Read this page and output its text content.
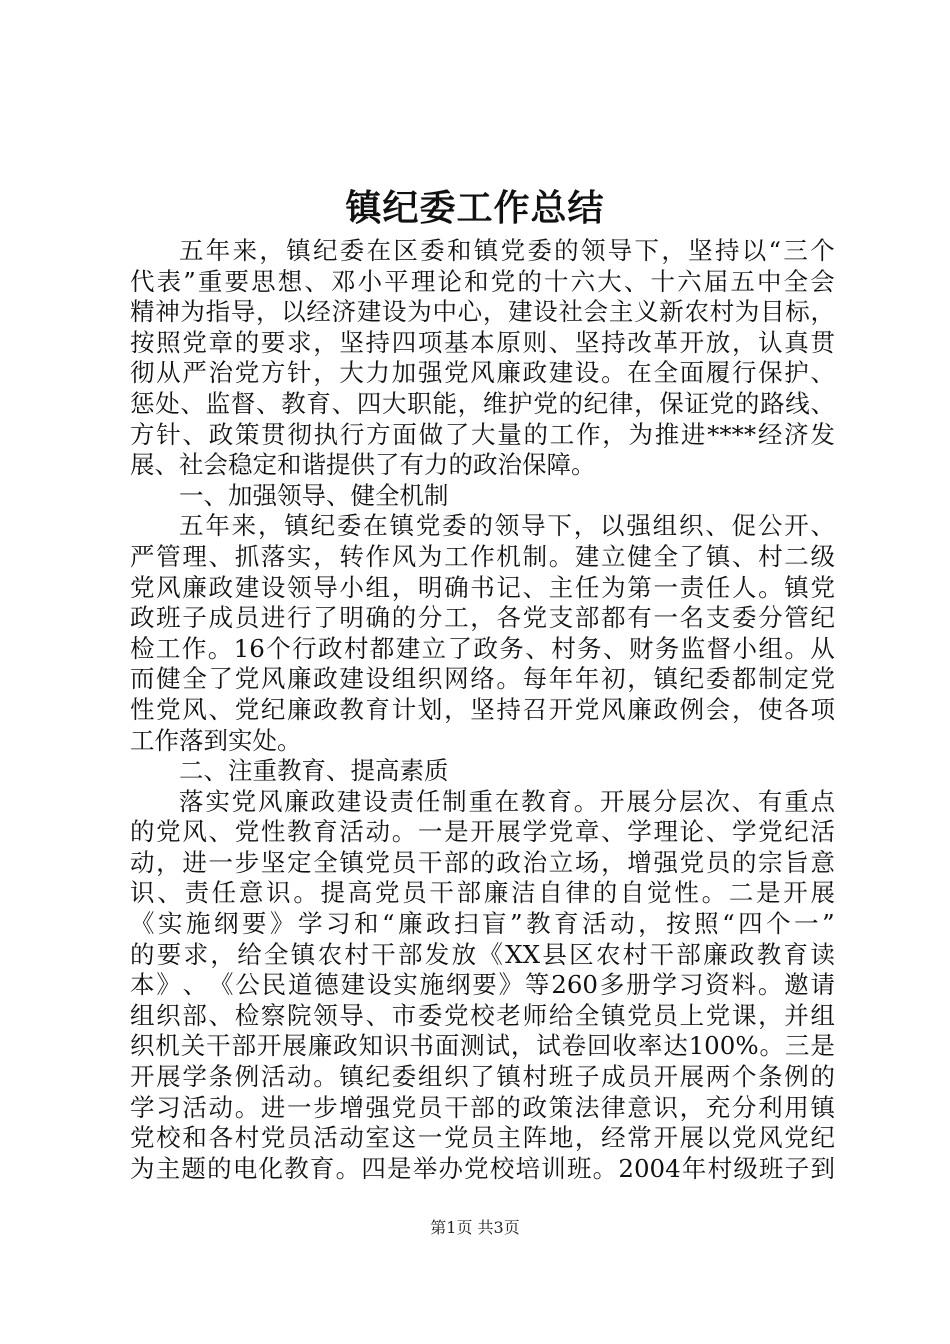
镇纪委工作总结
五 年 来 ， 镇 纪 委 在 区 委 和 镇 党 委 的 领 导 下 ， 坚 持 以 “ 三 个
代 表 ” 重 要 思 想 、 邓 小 平 理 论 和 党 的 十 六 大 、 十 六 届 五 中 全 会
精 神 为 指 导 ， 以 经 济 建 设 为 中 心 ， 建 设 社 会 主 义 新 农 村 为 目 标 ，
按 照 党 章 的 要 求 ， 坚 持 四 项 基 本 原 则 、 坚 持 改 革 开 放 ， 认 真 贯
彻 从 严 治 党 方 针 ， 大 力 加 强 党 风 廉 政 建 设 。 在 全 面 履 行 保 护 、
惩 处 、 监 督 、 教 育 、 四 大 职 能 ， 维 护 党 的 纪 律 ， 保 证 党 的 路 线 、
方 针 、 政 策 贯 彻 执 行 方 面 做 了 大 量 的 工 作 ， 为 推 进 **** 经 济 发
展、社会稳定和谐提供了有力的政治保障。
一、加强领导、健全机制
五 年 来 ， 镇 纪 委 在 镇 党 委 的 领 导 下 ， 以 强 组 织 、 促 公 开 、
严 管 理 、 抓 落 实 ， 转 作 风 为 工 作 机 制 。 建 立 健 全 了 镇 、 村 二 级
党 风 廉 政 建 设 领 导 小 组 ， 明 确 书 记 、 主 任 为 第 一 责 任 人 。 镇 党
政 班 子 成 员 进 行 了 明 确 的 分 工 ， 各 党 支 部 都 有 一 名 支 委 分 管 纪
检 工 作 。 16 个 行 政 村 都 建 立 了 政 务 、 村 务 、 财 务 监 督 小 组 。 从
而 健 全 了 党 风 廉 政 建 设 组 织 网 络 。 每 年 年 初 ， 镇 纪 委 都 制 定 党
性 党 风 、 党 纪 廉 政 教 育 计 划 ， 坚 持 召 开 党 风 廉 政 例 会 ， 使 各 项
工作落到实处。
二、注重教育、提高素质
落 实 党 风 廉 政 建 设 责 任 制 重 在 教 育 。 开 展 分 层 次 、 有 重 点
的 党 风 、 党 性 教 育 活 动 。 一 是 开 展 学 党 章 、 学 理 论 、 学 党 纪 活
动 ， 进 一 步 坚 定 全 镇 党 员 干 部 的 政 治 立 场 ， 增 强 党 员 的 宗 旨 意
识 、 责 任 意 识 。 提 高 党 员 干 部 廉 洁 自 律 的 自 觉 性 。 二 是 开 展
《 实 施 纲 要 》 学 习 和 “ 廉 政 扫 盲 ” 教 育 活 动 ， 按 照 “ 四 个 一 ”
的 要 求 ， 给 全 镇 农 村 干 部 发 放 《 XX 县 区 农 村 干 部 廉 政 教 育 读
本 》 、 《 公 民 道 德 建 设 实 施 纲 要 》 等 260 多 册 学 习 资 料 。 邀 请
组 织 部 、 检 察 院 领 导 、 市 委 党 校 老 师 给 全 镇 党 员 上 党 课 ， 并 组
织 机 关 干 部 开 展 廉 政 知 识 书 面 测 试 ， 试 卷 回 收 率 达 100% 。 三 是
开 展 学 条 例 活 动 。 镇 纪 委 组 织 了 镇 村 班 子 成 员 开 展 两 个 条 例 的
学 习 活 动 。 进 一 步 增 强 党 员 干 部 的 政 策 法 律 意 识 ， 充 分 利 用 镇
党 校 和 各 村 党 员 活 动 室 这 一 党 员 主 阵 地 ， 经 常 开 展 以 党 风 党 纪
为 主 题 的 电 化 教 育 。 四 是 举 办 党 校 培 训 班 。 2004 年 村 级 班 子 到
第1页 共3页
